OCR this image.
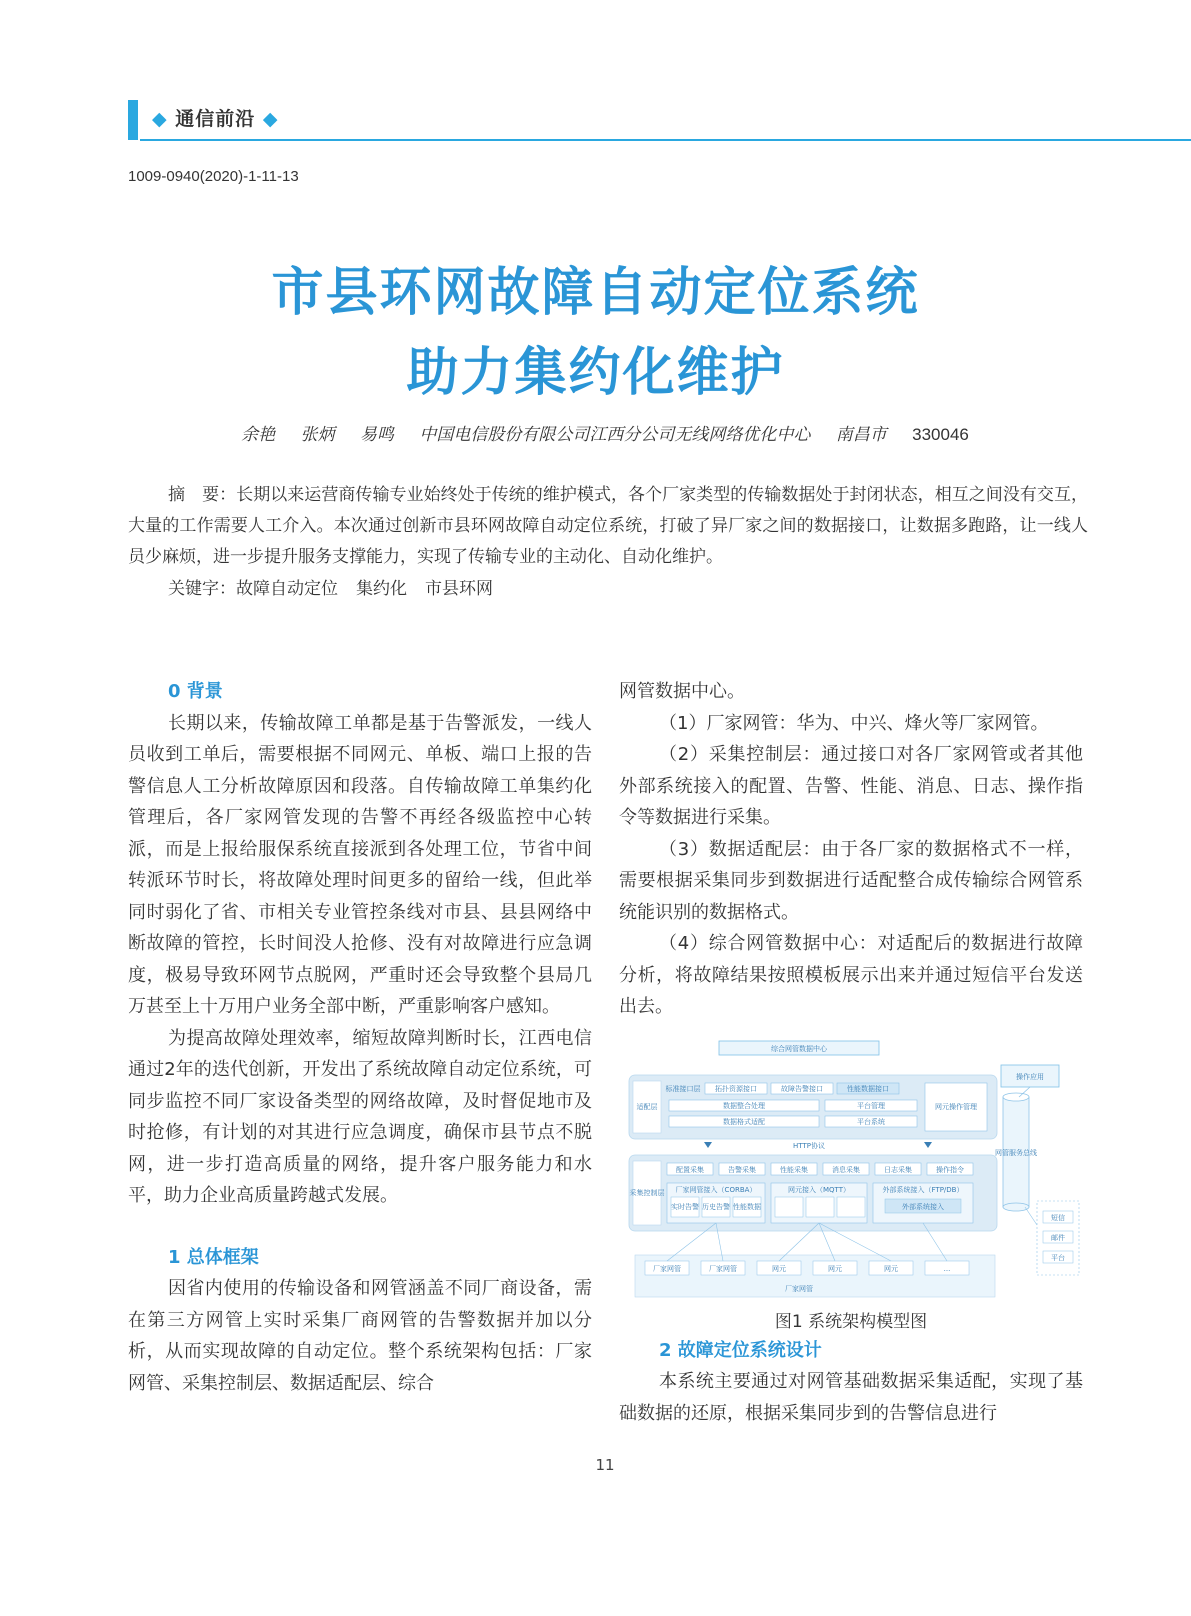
◆ 通信前沿 ◆
1009-0940(2020)-1-11-13
市县环网故障自动定位系统
助力集约化维护
余艳 张炳 易鸣 中国电信股份有限公司江西分公司无线网络优化中心 南昌市 330046
摘　要：长期以来运营商传输专业始终处于传统的维护模式，各个厂家类型的传输数据处于封闭状态，相互之间没有交互，大量的工作需要人工介入。本次通过创新市县环网故障自动定位系统，打破了异厂家之间的数据接口，让数据多跑路，让一线人员少麻烦，进一步提升服务支撑能力，实现了传输专业的主动化、自动化维护。
关键字：故障自动定位 集约化 市县环网

0 背景

长期以来，传输故障工单都是基于告警派发，一线人员收到工单后，需要根据不同网元、单板、端口上报的告警信息人工分析故障原因和段落。自传输故障工单集约化管理后，各厂家网管发现的告警不再经各级监控中心转派，而是上报给服保系统直接派到各处理工位，节省中间转派环节时长，将故障处理时间更多的留给一线，但此举同时弱化了省、市相关专业管控条线对市县、县县网络中断故障的管控，长时间没人抢修、没有对故障进行应急调度，极易导致环网节点脱网，严重时还会导致整个县局几万甚至上十万用户业务全部中断，严重影响客户感知。

为提高故障处理效率，缩短故障判断时长，江西电信通过2年的迭代创新，开发出了系统故障自动定位系统，可同步监控不同厂家设备类型的网络故障，及时督促地市及时抢修，有计划的对其进行应急调度，确保市县节点不脱网，进一步打造高质量的网络，提升客户服务能力和水平，助力企业高质量跨越式发展。

1 总体框架

因省内使用的传输设备和网管涵盖不同厂商设备，需在第三方网管上实时采集厂商网管的告警数据并加以分析，从而实现故障的自动定位。整个系统架构包括：厂家网管、采集控制层、数据适配层、综合

网管数据中心。

（1）厂家网管：华为、中兴、烽火等厂家网管。

（2）采集控制层：通过接口对各厂家网管或者其他外部系统接入的配置、告警、性能、消息、日志、操作指令等数据进行采集。

（3）数据适配层：由于各厂家的数据格式不一样，需要根据采集同步到数据进行适配整合成传输综合网管系统能识别的数据格式。

（4）综合网管数据中心：对适配后的数据进行故障分析，将故障结果按照模板展示出来并通过短信平台发送出去。

综合网管数据中心
操作应用
适配层
标准接口层 拓扑资源接口	故障告警接口	性能数据接口
数据整合处理
数据格式适配
平台管理
平台系统
网元操作管理
HTTP协议
采集控制层
配置采集	告警采集	性能采集	消息采集	日志采集	操作指令
厂家网管接入（CORBA）
实时告警 历史告警 性能数据
网元接入（MQTT）	外部系统接入（FTP/DB）
外部系统接入
网管服务总线
短信
邮件
平台
厂家网管	厂家网管	网元	网元	网元	...
厂家网管
图1 系统架构模型图

2 故障定位系统设计

本系统主要通过对网管基础数据采集适配，实现了基础数据的还原，根据采集同步到的告警信息进行

11
